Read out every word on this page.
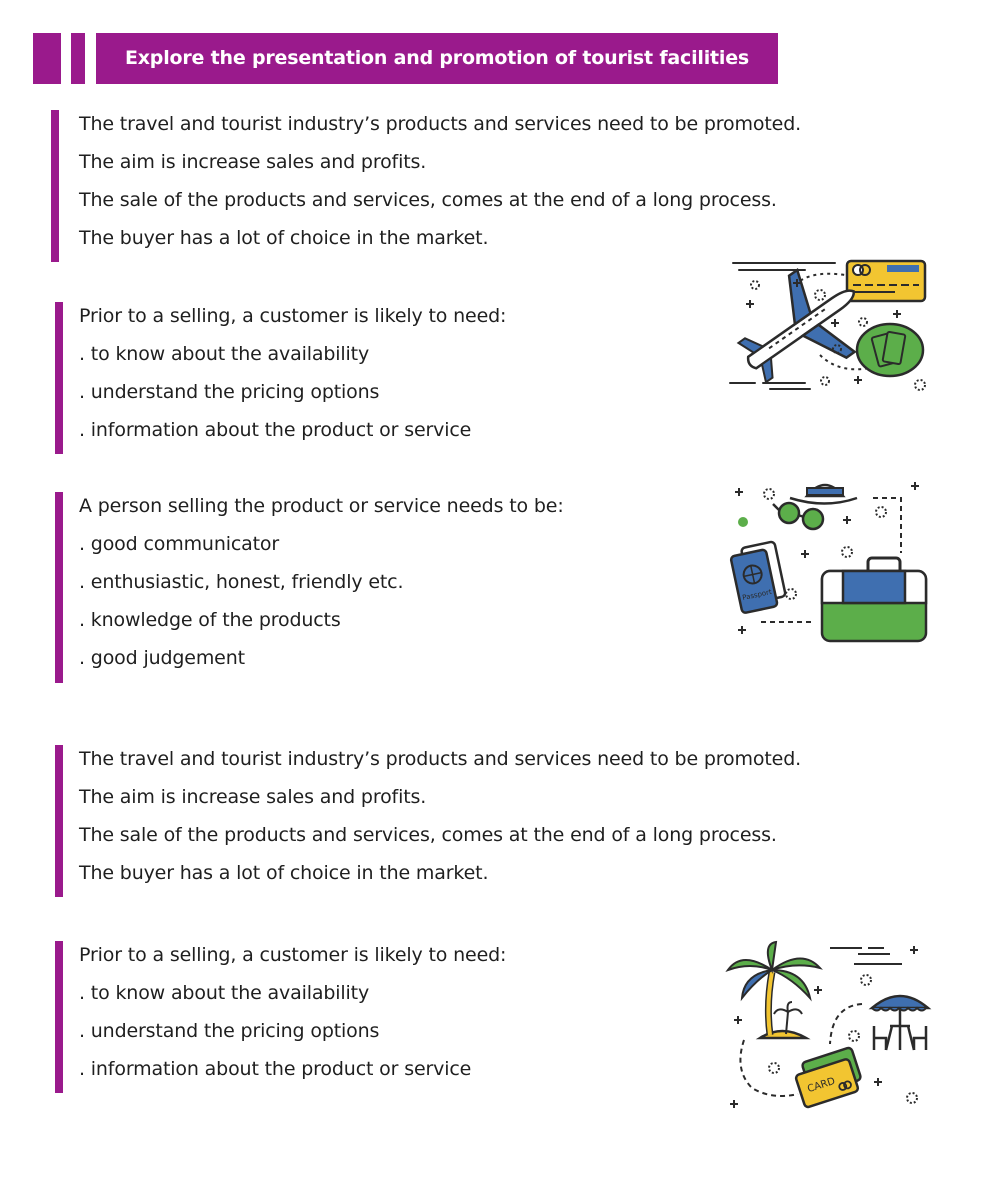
Explore the presentation and promotion of tourist facilities
The travel and tourist industry’s products and services need to be promoted.
The aim is increase sales and profits.
The sale of the products and services, comes at the end of a long process.
The buyer has a lot of choice in the market.
Prior to a selling, a customer is likely to need:
. to know about the availability
. understand the pricing options
. information about the product or service
A person selling the product or service needs to be:
. good communicator
. enthusiastic, honest, friendly etc.
. knowledge of the products
. good judgement
The travel and tourist industry’s products and services need to be promoted.
The aim is increase sales and profits.
The sale of the products and services, comes at the end of a long process.
The buyer has a lot of choice in the market.
Prior to a selling, a customer is likely to need:
. to know about the availability
. understand the pricing options
. information about the product or service
Passport
CARD
